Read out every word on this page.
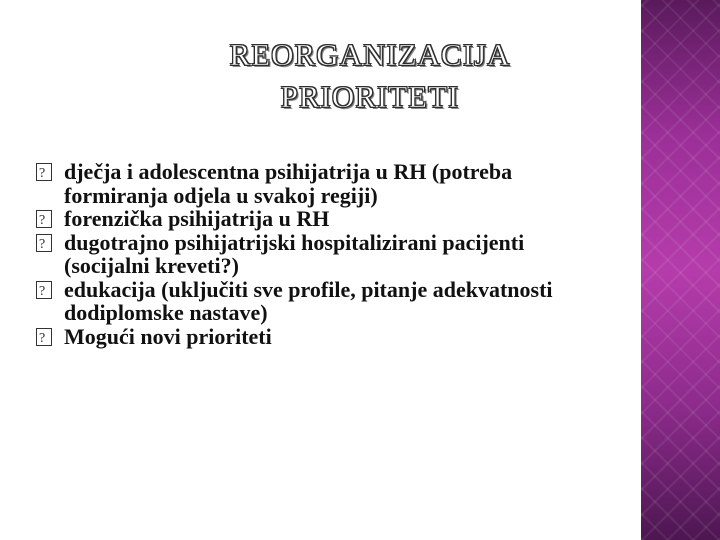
REORGANIZACIJA
PRIORITETI
?
dječja i adolescentna psihijatrija u RH (potreba formiranja odjela u svakoj regiji)
?
forenzička psihijatrija u RH
?
dugotrajno psihijatrijski hospitalizirani pacijenti (socijalni kreveti?)
?
edukacija (uključiti sve profile, pitanje adekvatnosti dodiplomske nastave)
?
Mogući novi prioriteti
